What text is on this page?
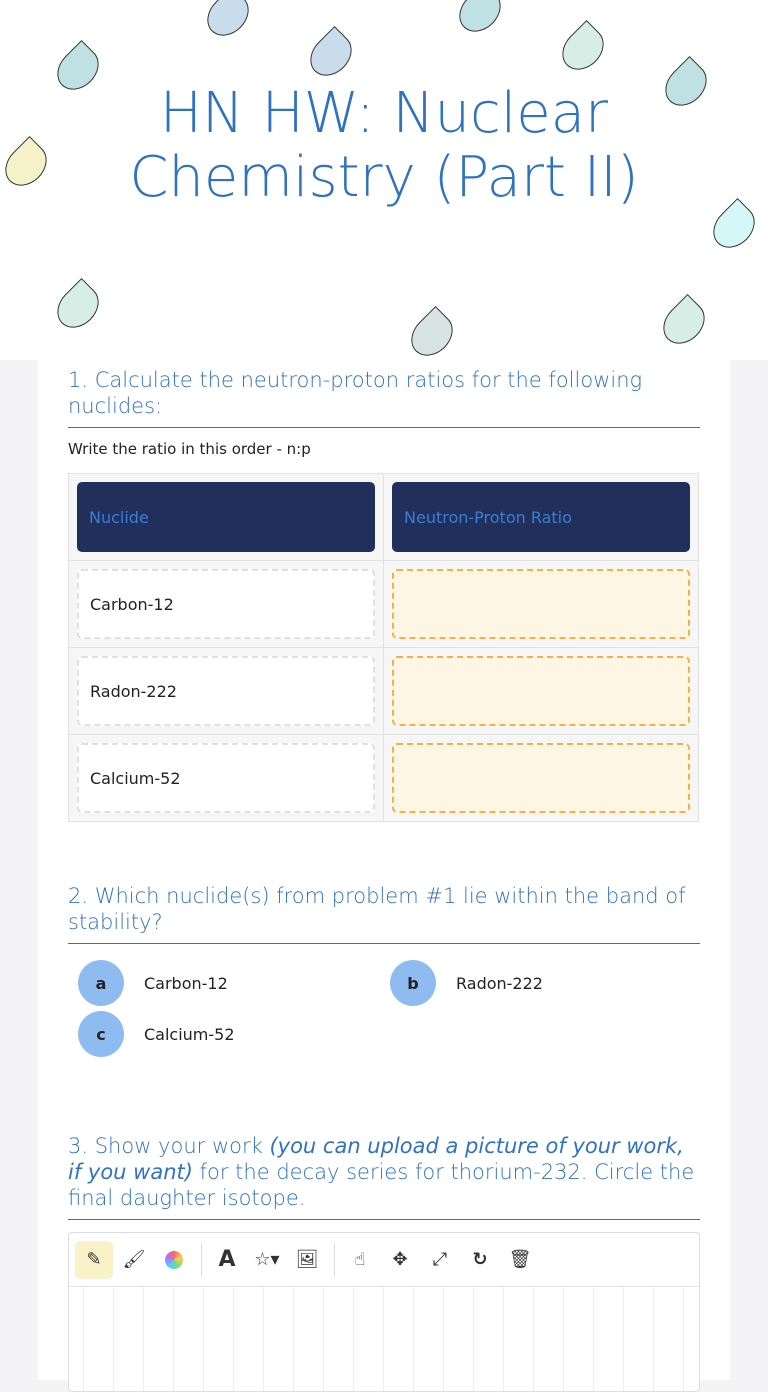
HN HW: Nuclear Chemistry (Part II)
1. Calculate the neutron-proton ratios for the following nuclides:
Write the ratio in this order - n:p
Nuclide	Neutron-Proton Ratio

Carbon-12	

Radon-222	

Calcium-52	

2. Which nuclide(s) from problem #1 lie within the band of stability?
a	Carbon-12	b	Radon-222
c	Calcium-52
3. Show your work (you can upload a picture of your work, if you want) for the decay series for thorium-232. Circle the final daughter isotope.
✎	🖌	A	☆▾ 🖼	☝	✥	⤢	↻	🗑
